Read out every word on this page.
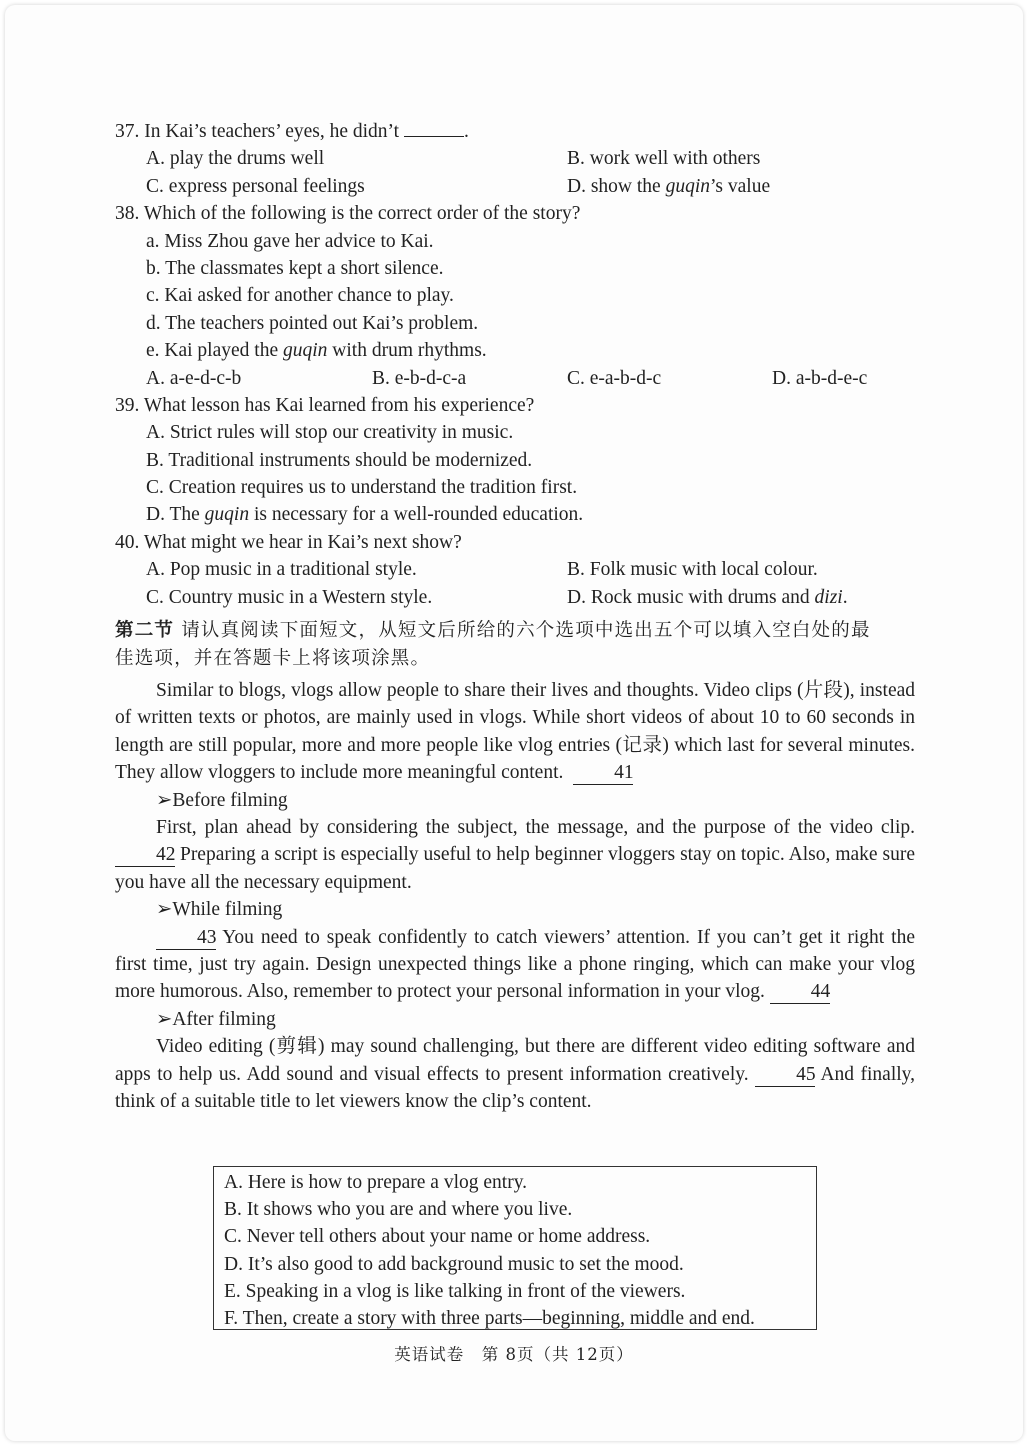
37. In Kai’s teachers’ eyes, he didn’t	.
A. play the drums well	B. work well with others
C. express personal feelings	D. show the guqin’s value
38. Which of the following is the correct order of the story?
a. Miss Zhou gave her advice to Kai.
b. The classmates kept a short silence.
c. Kai asked for another chance to play.
d. The teachers pointed out Kai’s problem.
e. Kai played the guqin with drum rhythms.
A. a-e-d-c-b	B. e-b-d-c-a	C. e-a-b-d-c	D. a-b-d-e-c
39. What lesson has Kai learned from his experience?
A. Strict rules will stop our creativity in music.
B. Traditional instruments should be modernized.
C. Creation requires us to understand the tradition first.
D. The guqin is necessary for a well-rounded education.
40. What might we hear in Kai’s next show?
A. Pop music in a traditional style.	B. Folk music with local colour.
C. Country music in a Western style.	D. Rock music with drums and dizi.
第二节 请认真阅读下面短文，从短文后所给的六个选项中选出五个可以填入空白处的最
佳选项，并在答题卡上将该项涂黑。
Similar to blogs, vlogs allow people to share their lives and thoughts. Video clips (片段), instead of written texts or photos, are mainly used in vlogs. While short videos of about 10 to 60 seconds in length are still popular, more and more people like vlog entries (记录) which last for several minutes. They allow vloggers to include more meaningful content.	41
➢Before filming
First, plan ahead by considering the subject, the message, and the purpose of the video clip. 42 Preparing a script is especially useful to help beginner vloggers stay on topic. Also, make sure you have all the necessary equipment.
➢While filming
43 You need to speak confidently to catch viewers’ attention. If you can’t get it right the first time, just try again. Design unexpected things like a phone ringing, which can make your vlog more humorous. Also, remember to protect your personal information in your vlog. 44
➢After filming
Video editing (剪辑) may sound challenging, but there are different video editing software and apps to help us. Add sound and visual effects to present information creatively. 45 And finally, think of a suitable title to let viewers know the clip’s content.
A. Here is how to prepare a vlog entry.
B. It shows who you are and where you live.
C. Never tell others about your name or home address.
D. It’s also good to add background music to set the mood.
E. Speaking in a vlog is like talking in front of the viewers.
F. Then, create a story with three parts—beginning, middle and end.
英语试卷　第 8页（共 12页）
